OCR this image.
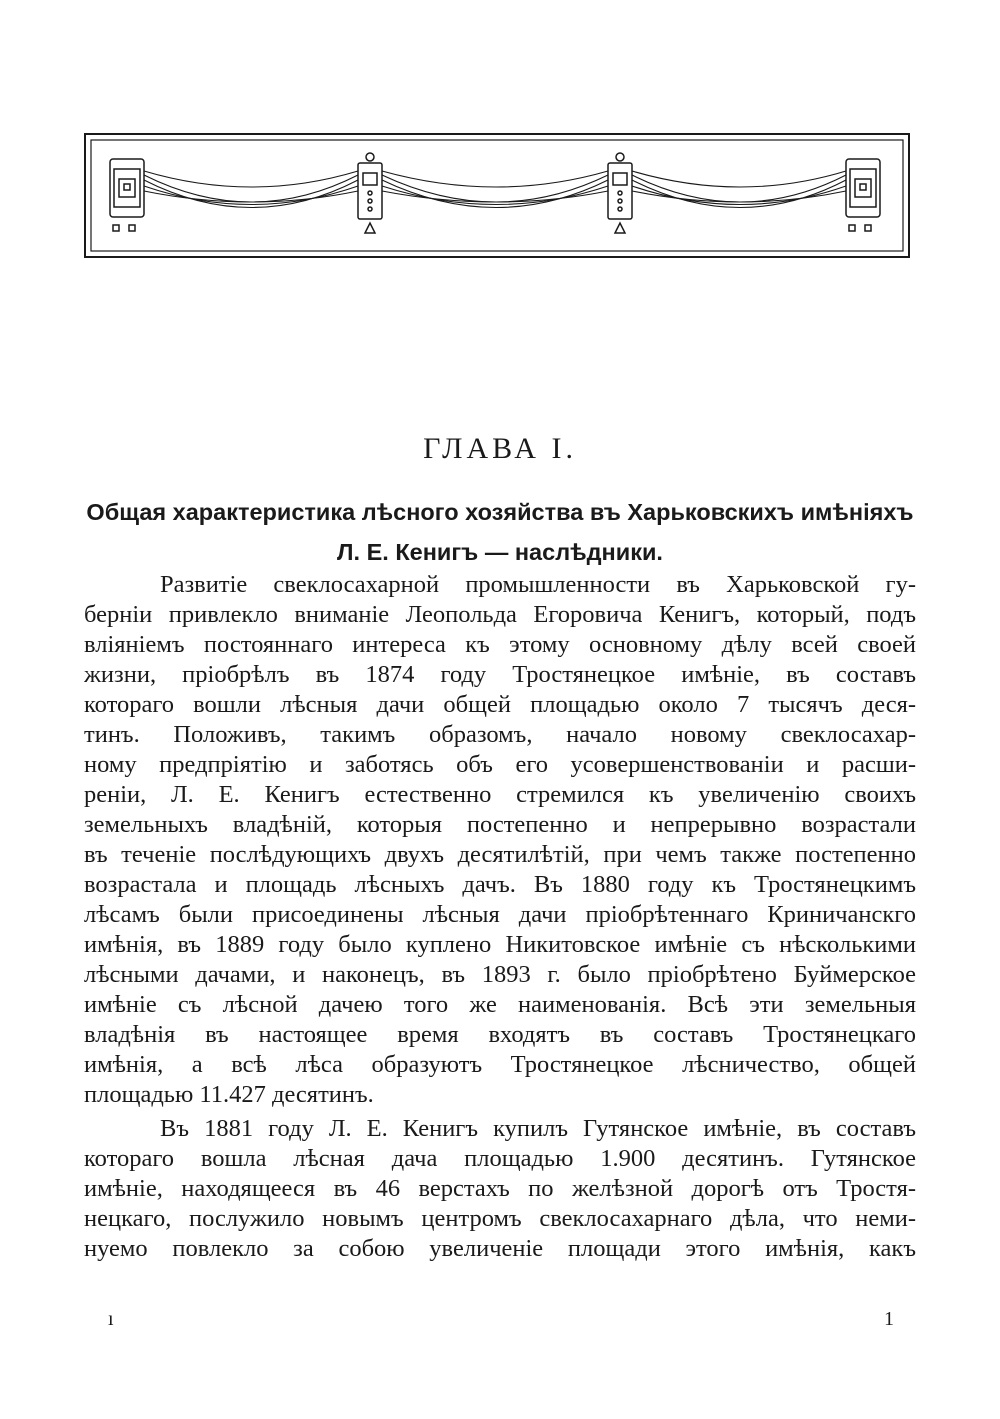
ГЛАВА I.
Общая характеристика лѣсного хозяйства въ Харьковскихъ имѣніяхъ
Л. Е. Кенигъ — наслѣдники.
Развитіе свеклосахарной промышленности въ Харьковской гу-
берніи привлекло вниманіе Леопольда Егоровича Кенигъ, который, подъ
вліяніемъ постояннаго интереса къ этому основному дѣлу всей своей
жизни, пріобрѣлъ въ 1874 году Тростянецкое имѣніе, въ составъ
котораго вошли лѣсныя дачи общей площадью около 7 тысячъ деся-
тинъ. Положивъ, такимъ образомъ, начало новому свеклосахар-
ному предпріятію и заботясь объ его усовершенствованіи и расши-
реніи, Л. Е. Кенигъ естественно стремился къ увеличенію своихъ
земельныхъ владѣній, которыя постепенно и непрерывно возрастали
въ теченіе послѣдующихъ двухъ десятилѣтій, при чемъ также постепенно
возрастала и площадь лѣсныхъ дачъ. Въ 1880 году къ Тростянецкимъ
лѣсамъ были присоединены лѣсныя дачи пріобрѣтеннаго Криничанскго
имѣнія, въ 1889 году было куплено Никитовское имѣніе съ нѣсколькими
лѣсными дачами, и наконецъ, въ 1893 г. было пріобрѣтено Буймерское
имѣніе съ лѣсной дачею того же наименованія. Всѣ эти земельныя
владѣнія въ настоящее время входятъ въ составъ Тростянецкаго
имѣнія, а всѣ лѣса образуютъ Тростянецкое лѣсничество, общей
площадью 11.427 десятинъ.
Въ 1881 году Л. Е. Кенигъ купилъ Гутянское имѣніе, въ составъ
котораго вошла лѣсная дача площадью 1.900 десятинъ. Гутянское
имѣніе, находящееся въ 46 верстахъ по желѣзной дорогѣ отъ Тростя-
нецкаго, послужило новымъ центромъ свеклосахарнаго дѣла, что неми-
нуемо повлекло за собою увеличеніе площади этого имѣнія, какъ
ı	1
